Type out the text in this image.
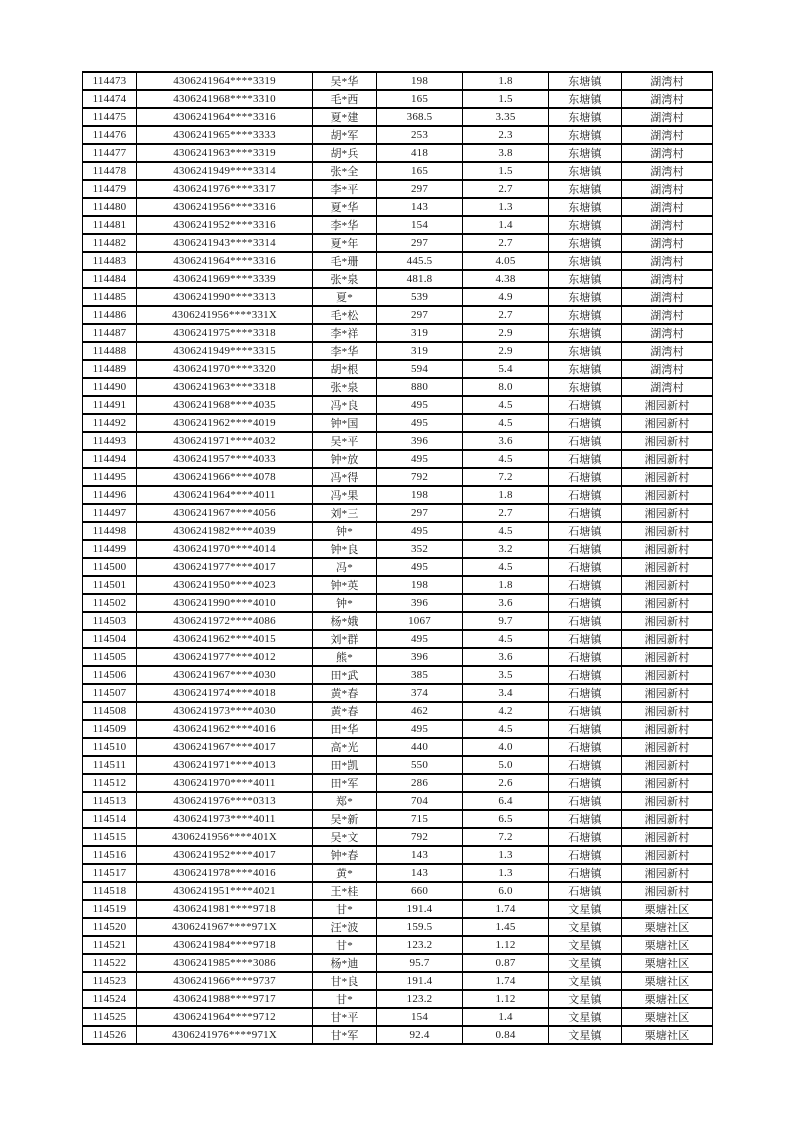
114473	4306241964****3319	吴*华	198	1.8	东塘镇	湖湾村
114474	4306241968****3310	毛*西	165	1.5	东塘镇	湖湾村
114475	4306241964****3316	夏*建	368.5	3.35	东塘镇	湖湾村
114476	4306241965****3333	胡*军	253	2.3	东塘镇	湖湾村
114477	4306241963****3319	胡*兵	418	3.8	东塘镇	湖湾村
114478	4306241949****3314	张*全	165	1.5	东塘镇	湖湾村
114479	4306241976****3317	李*平	297	2.7	东塘镇	湖湾村
114480	4306241956****3316	夏*华	143	1.3	东塘镇	湖湾村
114481	4306241952****3316	李*华	154	1.4	东塘镇	湖湾村
114482	4306241943****3314	夏*年	297	2.7	东塘镇	湖湾村
114483	4306241964****3316	毛*珊	445.5	4.05	东塘镇	湖湾村
114484	4306241969****3339	张*泉	481.8	4.38	东塘镇	湖湾村
114485	4306241990****3313	夏*	539	4.9	东塘镇	湖湾村
114486	4306241956****331X	毛*松	297	2.7	东塘镇	湖湾村
114487	4306241975****3318	李*祥	319	2.9	东塘镇	湖湾村
114488	4306241949****3315	李*华	319	2.9	东塘镇	湖湾村
114489	4306241970****3320	胡*根	594	5.4	东塘镇	湖湾村
114490	4306241963****3318	张*泉	880	8.0	东塘镇	湖湾村
114491	4306241968****4035	冯*良	495	4.5	石塘镇	湘园新村
114492	4306241962****4019	钟*国	495	4.5	石塘镇	湘园新村
114493	4306241971****4032	吴*平	396	3.6	石塘镇	湘园新村
114494	4306241957****4033	钟*放	495	4.5	石塘镇	湘园新村
114495	4306241966****4078	冯*得	792	7.2	石塘镇	湘园新村
114496	4306241964****4011	冯*果	198	1.8	石塘镇	湘园新村
114497	4306241967****4056	刘*三	297	2.7	石塘镇	湘园新村
114498	4306241982****4039	钟*	495	4.5	石塘镇	湘园新村
114499	4306241970****4014	钟*良	352	3.2	石塘镇	湘园新村
114500	4306241977****4017	冯*	495	4.5	石塘镇	湘园新村
114501	4306241950****4023	钟*英	198	1.8	石塘镇	湘园新村
114502	4306241990****4010	钟*	396	3.6	石塘镇	湘园新村
114503	4306241972****4086	杨*娥	1067	9.7	石塘镇	湘园新村
114504	4306241962****4015	刘*群	495	4.5	石塘镇	湘园新村
114505	4306241977****4012	熊*	396	3.6	石塘镇	湘园新村
114506	4306241967****4030	田*武	385	3.5	石塘镇	湘园新村
114507	4306241974****4018	黄*春	374	3.4	石塘镇	湘园新村
114508	4306241973****4030	黄*春	462	4.2	石塘镇	湘园新村
114509	4306241962****4016	田*华	495	4.5	石塘镇	湘园新村
114510	4306241967****4017	高*光	440	4.0	石塘镇	湘园新村
114511	4306241971****4013	田*凯	550	5.0	石塘镇	湘园新村
114512	4306241970****4011	田*军	286	2.6	石塘镇	湘园新村
114513	4306241976****0313	郑*	704	6.4	石塘镇	湘园新村
114514	4306241973****4011	吴*新	715	6.5	石塘镇	湘园新村
114515	4306241956****401X	吴*文	792	7.2	石塘镇	湘园新村
114516	4306241952****4017	钟*春	143	1.3	石塘镇	湘园新村
114517	4306241978****4016	黄*	143	1.3	石塘镇	湘园新村
114518	4306241951****4021	王*桂	660	6.0	石塘镇	湘园新村
114519	4306241981****9718	甘*	191.4	1.74	文星镇	栗塘社区
114520	4306241967****971X	汪*波	159.5	1.45	文星镇	栗塘社区
114521	4306241984****9718	甘*	123.2	1.12	文星镇	栗塘社区
114522	4306241985****3086	杨*迪	95.7	0.87	文星镇	栗塘社区
114523	4306241966****9737	甘*良	191.4	1.74	文星镇	栗塘社区
114524	4306241988****9717	甘*	123.2	1.12	文星镇	栗塘社区
114525	4306241964****9712	甘*平	154	1.4	文星镇	栗塘社区
114526	4306241976****971X	甘*军	92.4	0.84	文星镇	栗塘社区
